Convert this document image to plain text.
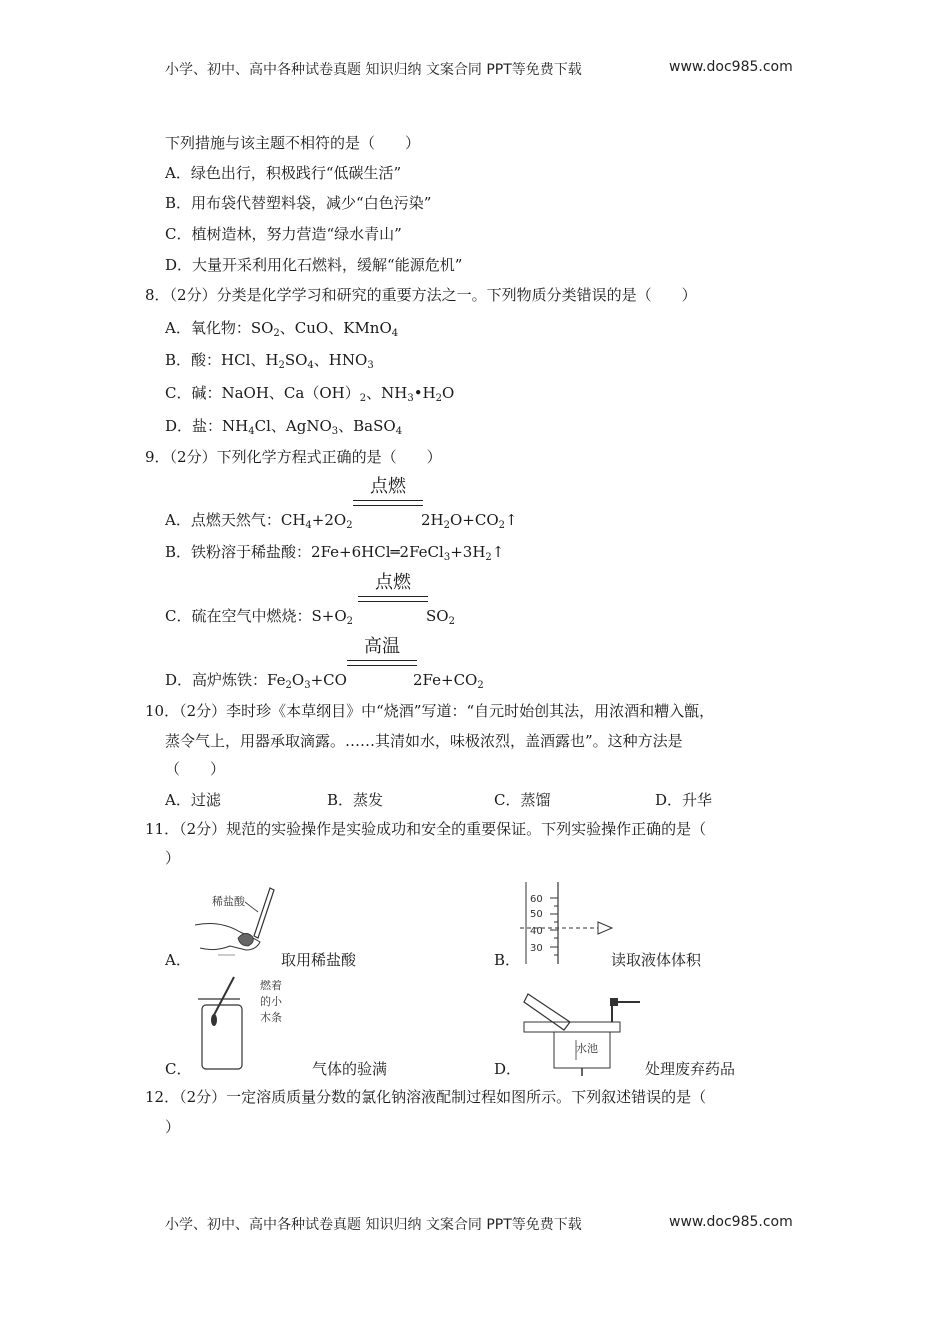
小学、初中、高中各种试卷真题 知识归纳 文案合同 PPT等免费下载	www.doc985.com
下列措施与该主题不相符的是（　　）
A．绿色出行，积极践行“低碳生活”
B．用布袋代替塑料袋，减少“白色污染”
C．植树造林，努力营造“绿水青山”
D．大量开采利用化石燃料，缓解“能源危机”
8．（2分）分类是化学学习和研究的重要方法之一。下列物质分类错误的是（　　）
A．氧化物：$SO_2$、CuO、KMnO$_4$
B．酸：HCl、$H_2SO_4$、$HNO_3$
C．碱：NaOH、$Ca(OH)_2$、$NH_3•H_2O$
D．盐：$NH_4Cl$、AgNO$_3$、BaSO$_4$
9．（2分）下列化学方程式正确的是（　　）
点燃
A．点燃天然气：$CH_4+2O_2$	$2H_2O+CO_2↑$
B．铁粉溶于稀盐酸：$2Fe+6HCl═2FeCl_3+3H_2↑$
点燃
C．硫在空气中燃烧：$S+O_2$	$SO_2$
高温
D．高炉炼铁：$Fe_2O_3+CO$	$2Fe+CO_2$
10．（2分）李时珍《本草纲目》中“烧酒”写道：“自元时始创其法，用浓酒和糟入甑，
蒸令气上，用器承取滴露。……其清如水，味极浓烈，盖酒露也”。这种方法是
（　　）
A．过滤	B．蒸发	C．蒸馏	D．升华
11．（2分）规范的实验操作是实验成功和安全的重要保证。下列实验操作正确的是（
）
稀盐酸
A．	取用稀盐酸
60
50
40
30
B．	读取液体体积
燃着
的小
木条
C．	气体的验满
水池
D．	处理废弃药品
12．（2分）一定溶质质量分数的氯化钠溶液配制过程如图所示。下列叙述错误的是（
）
小学、初中、高中各种试卷真题 知识归纳 文案合同 PPT等免费下载	www.doc985.com
